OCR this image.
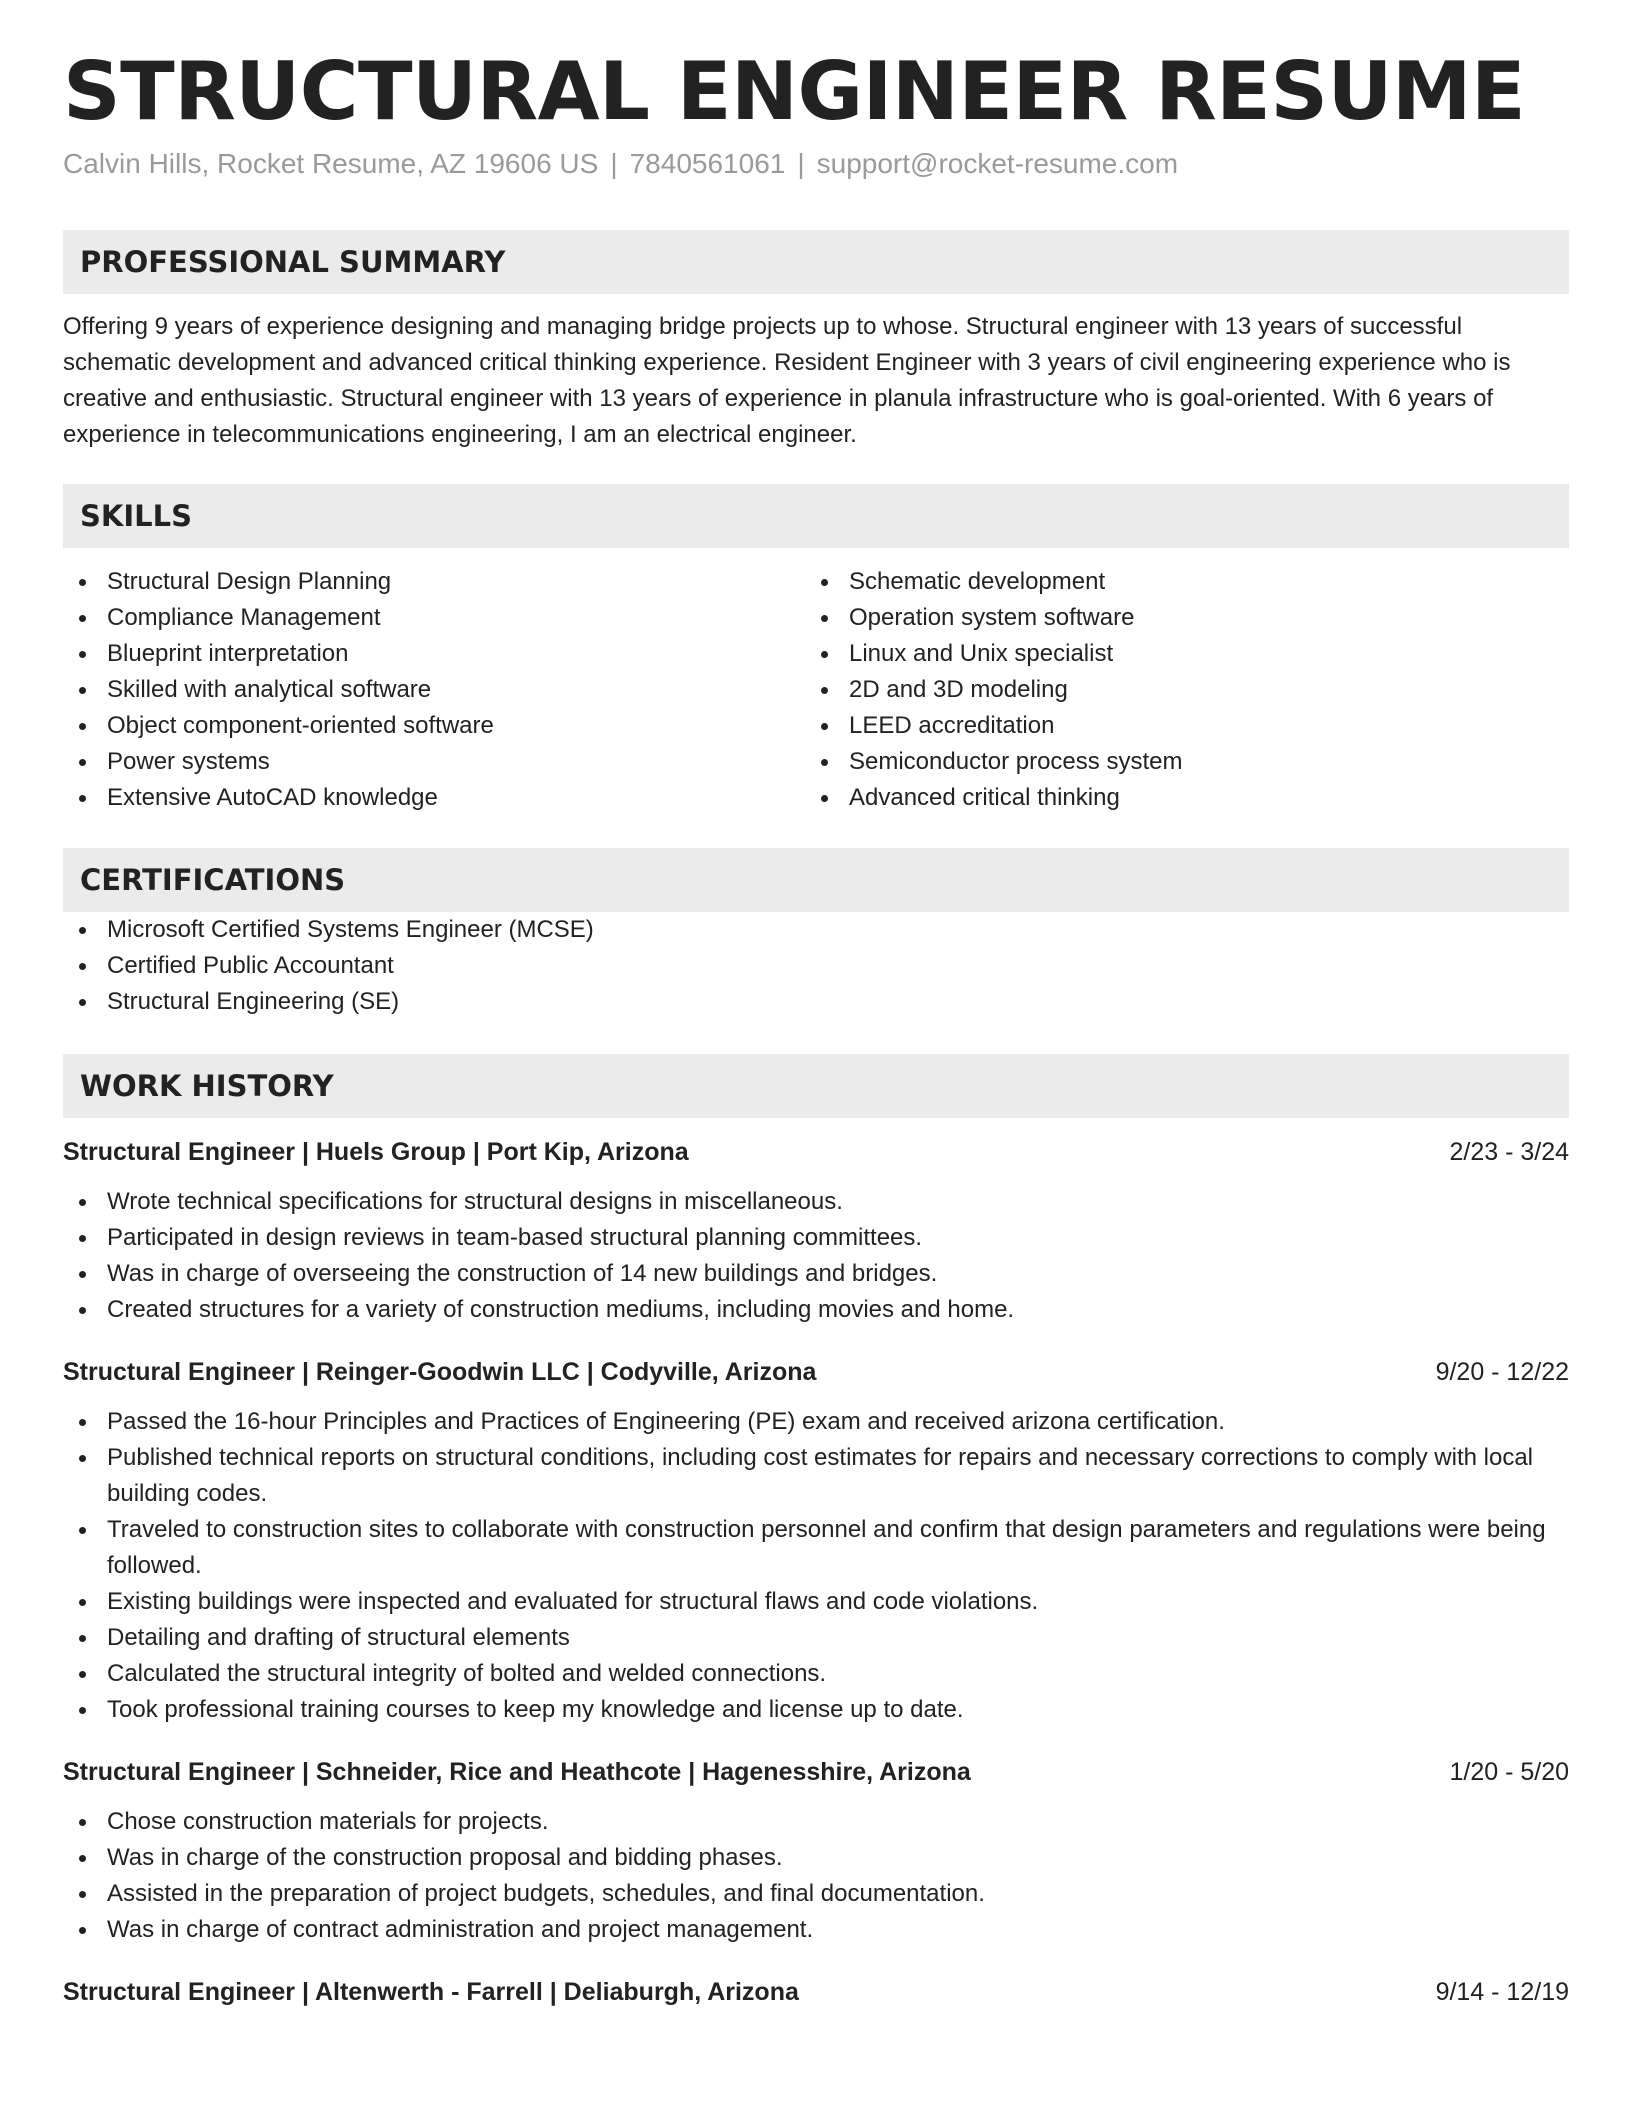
STRUCTURAL ENGINEER RESUME
Calvin Hills, Rocket Resume, AZ 19606 US | 7840561061 | support@rocket-resume.com
PROFESSIONAL SUMMARY
Offering 9 years of experience designing and managing bridge projects up to whose. Structural engineer with 13 years of successful schematic development and advanced critical thinking experience. Resident Engineer with 3 years of civil engineering experience who is creative and enthusiastic. Structural engineer with 13 years of experience in planula infrastructure who is goal-oriented. With 6 years of experience in telecommunications engineering, I am an electrical engineer.
SKILLS
Structural Design Planning
Compliance Management
Blueprint interpretation
Skilled with analytical software
Object component-oriented software
Power systems
Extensive AutoCAD knowledge
Schematic development
Operation system software
Linux and Unix specialist
2D and 3D modeling
LEED accreditation
Semiconductor process system
Advanced critical thinking
CERTIFICATIONS
Microsoft Certified Systems Engineer (MCSE)
Certified Public Accountant
Structural Engineering (SE)
WORK HISTORY
Structural Engineer | Huels Group | Port Kip, Arizona	2/23 - 3/24
Wrote technical specifications for structural designs in miscellaneous.
Participated in design reviews in team-based structural planning committees.
Was in charge of overseeing the construction of 14 new buildings and bridges.
Created structures for a variety of construction mediums, including movies and home.
Structural Engineer | Reinger-Goodwin LLC | Codyville, Arizona	9/20 - 12/22
Passed the 16-hour Principles and Practices of Engineering (PE) exam and received arizona certification.
Published technical reports on structural conditions, including cost estimates for repairs and necessary corrections to comply with local building codes.
Traveled to construction sites to collaborate with construction personnel and confirm that design parameters and regulations were being followed.
Existing buildings were inspected and evaluated for structural flaws and code violations.
Detailing and drafting of structural elements
Calculated the structural integrity of bolted and welded connections.
Took professional training courses to keep my knowledge and license up to date.
Structural Engineer | Schneider, Rice and Heathcote | Hagenesshire, Arizona	1/20 - 5/20
Chose construction materials for projects.
Was in charge of the construction proposal and bidding phases.
Assisted in the preparation of project budgets, schedules, and final documentation.
Was in charge of contract administration and project management.
Structural Engineer | Altenwerth - Farrell | Deliaburgh, Arizona	9/14 - 12/19
